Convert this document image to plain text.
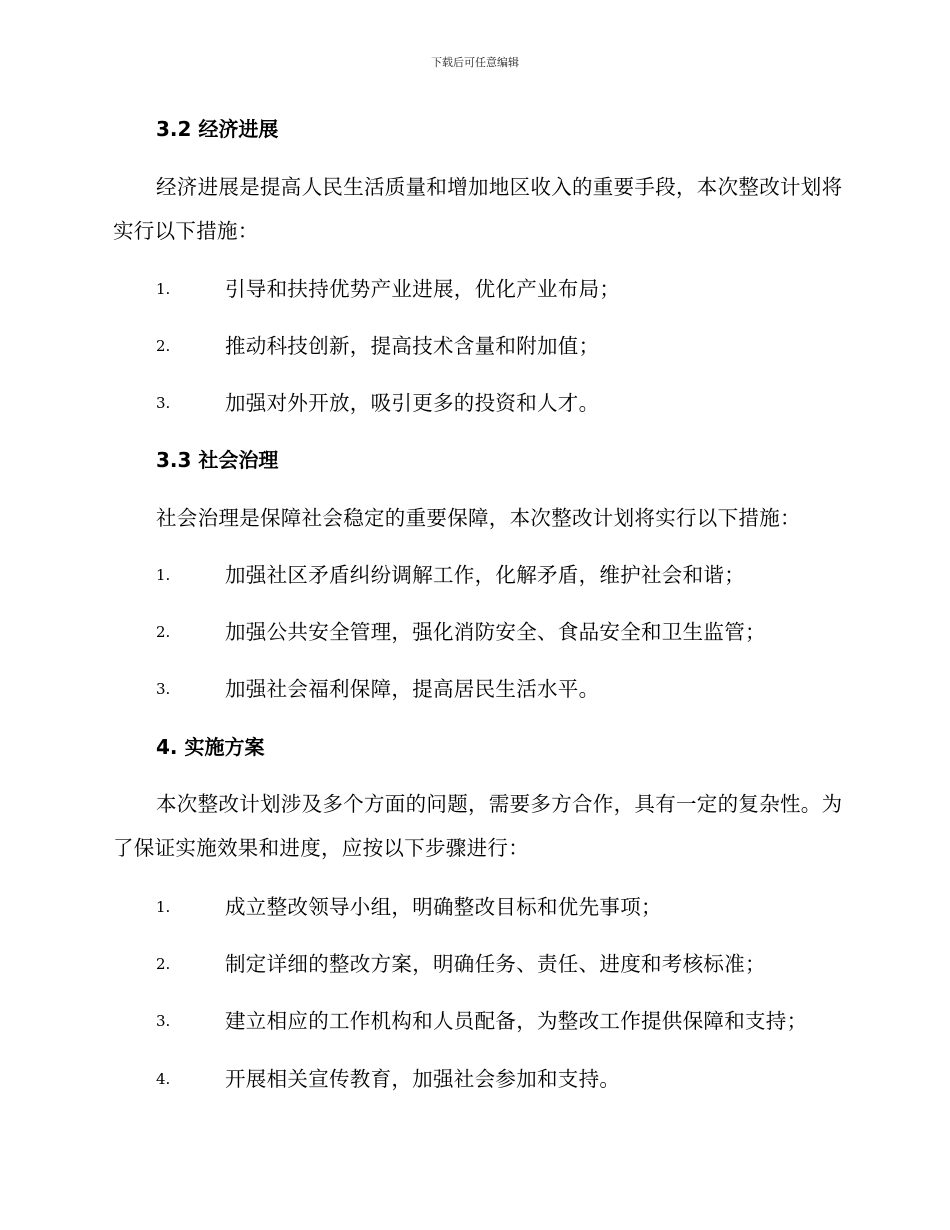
下载后可任意编辑
3.2 经济进展
经济进展是提高人民生活质量和增加地区收入的重要手段，本次整改计划将实行以下措施：
1.	引导和扶持优势产业进展，优化产业布局；
2.	推动科技创新，提高技术含量和附加值；
3.	加强对外开放，吸引更多的投资和人才。
3.3 社会治理
社会治理是保障社会稳定的重要保障，本次整改计划将实行以下措施：
1.	加强社区矛盾纠纷调解工作，化解矛盾，维护社会和谐；
2.	加强公共安全管理，强化消防安全、食品安全和卫生监管；
3.	加强社会福利保障，提高居民生活水平。
4. 实施方案
本次整改计划涉及多个方面的问题，需要多方合作，具有一定的复杂性。为了保证实施效果和进度，应按以下步骤进行：
1.	成立整改领导小组，明确整改目标和优先事项；
2.	制定详细的整改方案，明确任务、责任、进度和考核标准；
3.	建立相应的工作机构和人员配备，为整改工作提供保障和支持；
4.	开展相关宣传教育，加强社会参加和支持。
